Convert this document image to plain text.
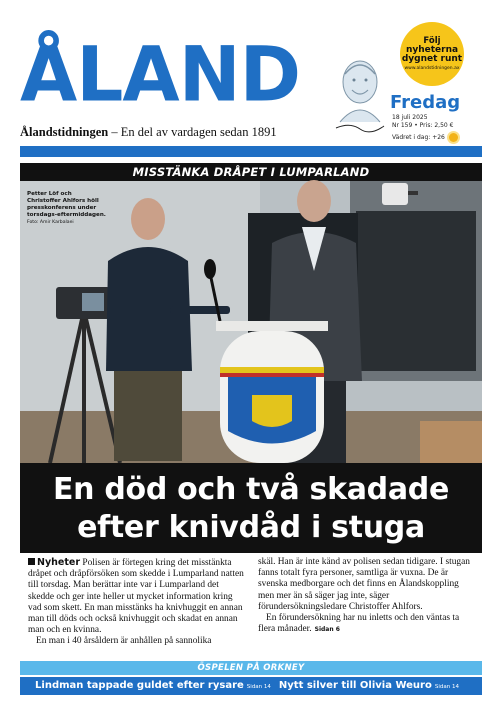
ÅLAND
Ålandstidningen – En del av vardagen sedan 1891
Följ
nyheterna
dygnet runt
www.alandstidningen.ax
Fredag
18 juli 2025
Nr 159 • Pris: 2,50 €
Vädret i dag: +26
MISSTÄNKA DRÅPET I LUMPARLAND
Petter Löf och Christoffer Ahlfors höll presskonferens under torsdags-eftermiddagen.
Foto: Amir Karbalaei
POLIS
En död och två skadade
efter knivdåd i stuga

Nyheter Polisen är förtegen kring det misstänkta dråpet och dråpförsöken som skedde i Lumparland natten till torsdag. Man berättar inte var i Lumparland det skedde och ger inte heller ut mycket information kring vad som skett. En man misstänks ha knivhuggit en annan man till döds och också knivhuggit och skadat en annan man och en kvinna.

En man i 40 årsåldern är anhållen på sannolika

skäl. Han är inte känd av polisen sedan tidigare. I stugan fanns totalt fyra personer, samtliga är vuxna. De är svenska medborgare och det finns en Ålandskoppling men mer än så säger jag inte, säger förundersökningsledare Christoffer Ahlfors.

En förundersökning har nu inletts och den väntas ta flera månader. Sidan 6

ÖSPELEN PÅ ORKNEY
Lindman tappade guldet efter rysare Sidan 14 Nytt silver till Olivia Weuro Sidan 14
